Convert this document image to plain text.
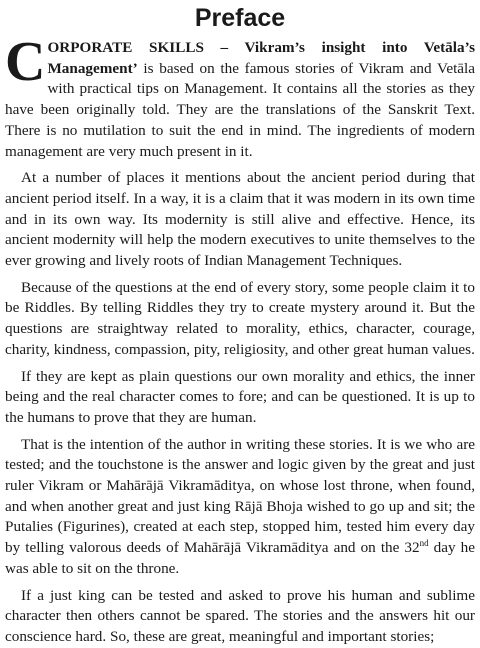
Preface

CORPORATE SKILLS – Vikram’s insight into Vetāla’s Management’ is based on the famous stories of Vikram and Vetāla with practical tips on Management. It contains all the stories as they have been originally told. They are the translations of the Sanskrit Text. There is no mutilation to suit the end in mind. The ingredients of modern management are very much present in it.

At a number of places it mentions about the ancient period during that ancient period itself. In a way, it is a claim that it was modern in its own time and in its own way. Its modernity is still alive and effective. Hence, its ancient modernity will help the modern executives to unite themselves to the ever growing and lively roots of Indian Management Techniques.

Because of the questions at the end of every story, some people claim it to be Riddles. By telling Riddles they try to create mystery around it. But the questions are straightway related to morality, ethics, character, courage, charity, kindness, compassion, pity, religiosity, and other great human values.

If they are kept as plain questions our own morality and ethics, the inner being and the real character comes to fore; and can be questioned. It is up to the humans to prove that they are human.

That is the intention of the author in writing these stories. It is we who are tested; and the touchstone is the answer and logic given by the great and just ruler Vikram or Mahārājā Vikramāditya, on whose lost throne, when found, and when another great and just king Rājā Bhoja wished to go up and sit; the Putalies (Figurines), created at each step, stopped him, tested him every day by telling valorous deeds of Mahārājā Vikramāditya and on the 32nd day he was able to sit on the throne.

If a just king can be tested and asked to prove his human and sublime character then others cannot be spared. The stories and the answers hit our conscience hard. So, these are great, meaningful and important stories;
